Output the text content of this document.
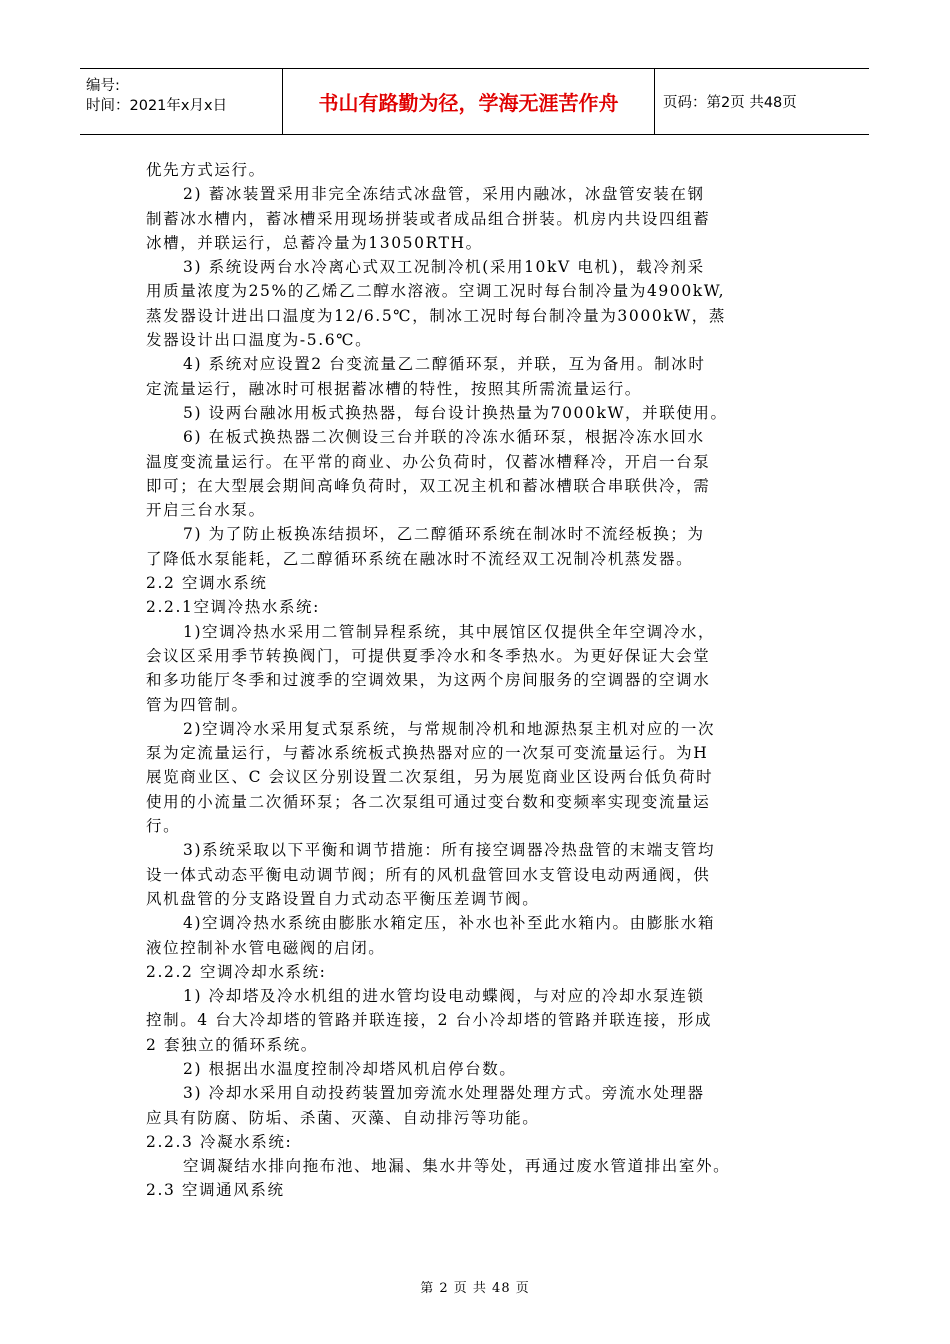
编号:
时间：2021年x月x日	书山有路勤为径，学海无涯苦作舟	页码：第2页 共48页
优先方式运行。
2) 蓄冰装置采用非完全冻结式冰盘管，采用内融冰，冰盘管安装在钢
制蓄冰水槽内，蓄冰槽采用现场拼装或者成品组合拼装。机房内共设四组蓄
冰槽，并联运行，总蓄冷量为13050RTH。
3) 系统设两台水冷离心式双工况制冷机(采用10kV 电机)，载冷剂采
用质量浓度为25%的乙烯乙二醇水溶液。空调工况时每台制冷量为4900kW,
蒸发器设计进出口温度为12/6.5℃，制冰工况时每台制冷量为3000kW，蒸
发器设计出口温度为-5.6℃。
4) 系统对应设置2 台变流量乙二醇循环泵，并联，互为备用。制冰时
定流量运行，融冰时可根据蓄冰槽的特性，按照其所需流量运行。
5) 设两台融冰用板式换热器，每台设计换热量为7000kW，并联使用。
6) 在板式换热器二次侧设三台并联的冷冻水循环泵，根据冷冻水回水
温度变流量运行。在平常的商业、办公负荷时，仅蓄冰槽释冷，开启一台泵
即可；在大型展会期间高峰负荷时，双工况主机和蓄冰槽联合串联供冷，需
开启三台水泵。
7) 为了防止板换冻结损坏，乙二醇循环系统在制冰时不流经板换；为
了降低水泵能耗，乙二醇循环系统在融冰时不流经双工况制冷机蒸发器。
2.2 空调水系统
2.2.1空调冷热水系统:
1)空调冷热水采用二管制异程系统，其中展馆区仅提供全年空调冷水，
会议区采用季节转换阀门，可提供夏季冷水和冬季热水。为更好保证大会堂
和多功能厅冬季和过渡季的空调效果，为这两个房间服务的空调器的空调水
管为四管制。
2)空调冷水采用复式泵系统，与常规制冷机和地源热泵主机对应的一次
泵为定流量运行，与蓄冰系统板式换热器对应的一次泵可变流量运行。为H
展览商业区、C 会议区分别设置二次泵组，另为展览商业区设两台低负荷时
使用的小流量二次循环泵；各二次泵组可通过变台数和变频率实现变流量运
行。
3)系统采取以下平衡和调节措施：所有接空调器冷热盘管的末端支管均
设一体式动态平衡电动调节阀；所有的风机盘管回水支管设电动两通阀，供
风机盘管的分支路设置自力式动态平衡压差调节阀。
4)空调冷热水系统由膨胀水箱定压，补水也补至此水箱内。由膨胀水箱
液位控制补水管电磁阀的启闭。
2.2.2 空调冷却水系统:
1) 冷却塔及冷水机组的进水管均设电动蝶阀，与对应的冷却水泵连锁
控制。4 台大冷却塔的管路并联连接，2 台小冷却塔的管路并联连接，形成
2 套独立的循环系统。
2) 根据出水温度控制冷却塔风机启停台数。
3) 冷却水采用自动投药装置加旁流水处理器处理方式。旁流水处理器
应具有防腐、防垢、杀菌、灭藻、自动排污等功能。
2.2.3 冷凝水系统:
空调凝结水排向拖布池、地漏、集水井等处，再通过废水管道排出室外。
2.3 空调通风系统
第 2 页 共 48 页
